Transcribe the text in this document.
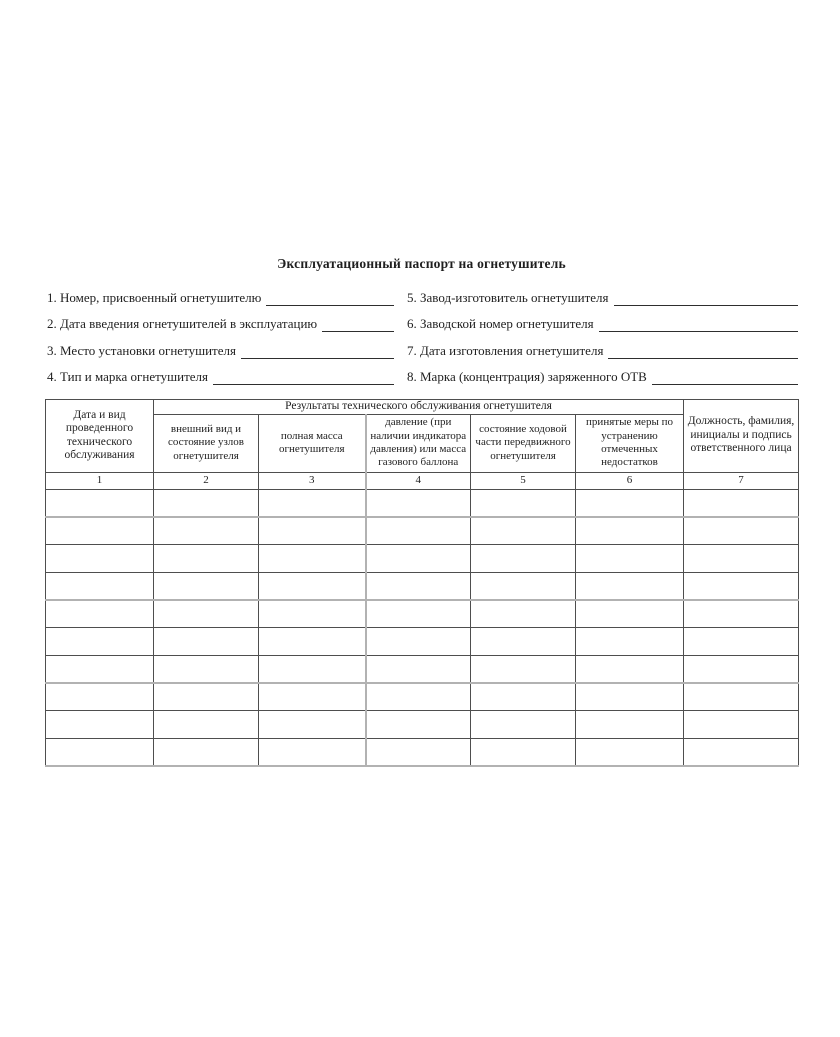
Эксплуатационный паспорт на огнетушитель
1. Номер, присвоенный огнетушителю
2. Дата введения огнетушителей в эксплуатацию
3. Место установки огнетушителя
4. Тип и марка огнетушителя
5. Завод-изготовитель огнетушителя
6. Заводской номер огнетушителя
7. Дата изготовления огнетушителя
8. Марка (концентрация) заряженного ОТВ
Дата и вид проведенного технического обслуживания	Результаты технического обслуживания огнетушителя					Должность, фамилия, инициалы и подпись ответственного лица
	внешний вид и состояние узлов огнетушителя	полная масса огнетушителя	давление (при наличии индикатора давления) или масса газового баллона	состояние ходовой части передвижного огнетушителя	принятые меры по устранению отмеченных недостатков	
1	2	3	4	5	6	7
